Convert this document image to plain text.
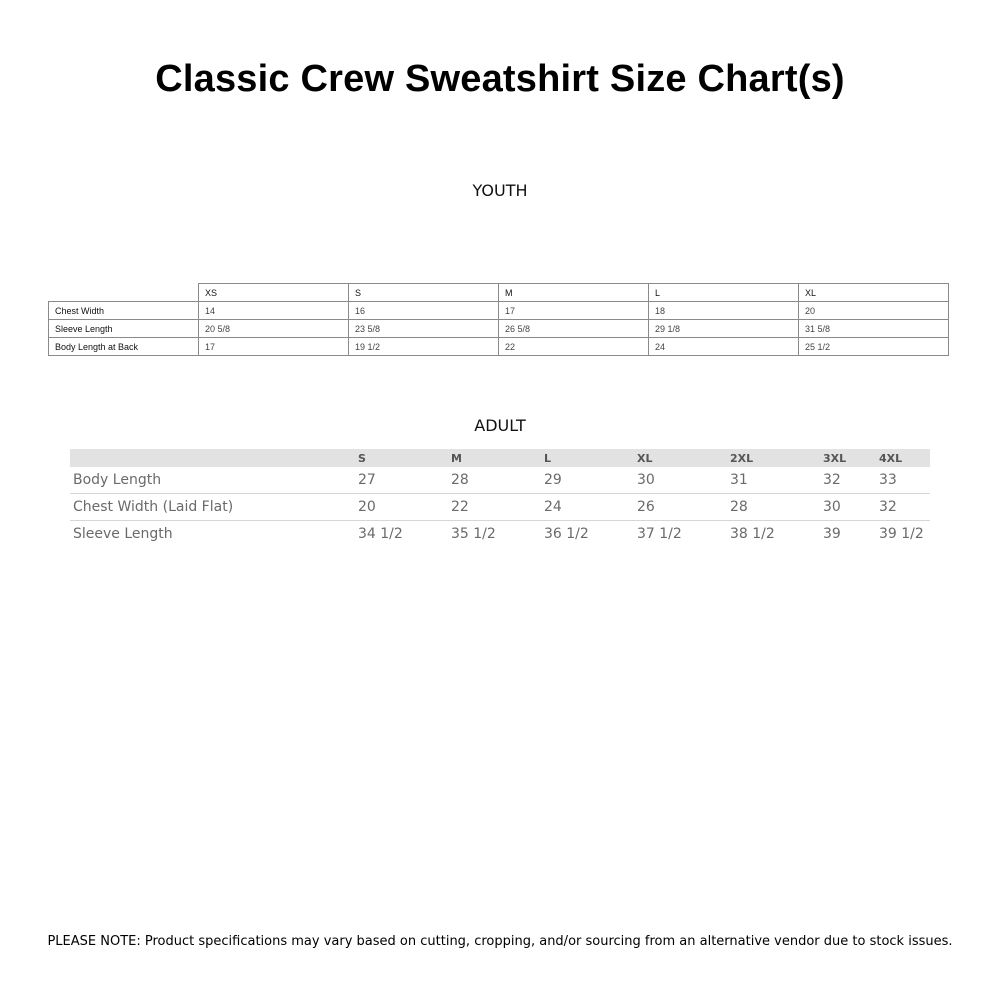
Classic Crew Sweatshirt Size Chart(s)
YOUTH
	XS	S	M	L	XL
Chest Width	14	16	17	18	20
Sleeve Length	20 5/8	23 5/8	26 5/8	29 1/8	31 5/8
Body Length at Back	17	19 1/2	22	24	25 1/2
ADULT
	S	M	L	XL	2XL	3XL	4XL
Body Length	27	28	29	30	31	32	33
Chest Width (Laid Flat)	20	22	24	26	28	30	32
Sleeve Length	34 1/2	35 1/2	36 1/2	37 1/2	38 1/2	39	39 1/2
PLEASE NOTE: Product specifications may vary based on cutting, cropping, and/or sourcing from an alternative vendor due to stock issues.
